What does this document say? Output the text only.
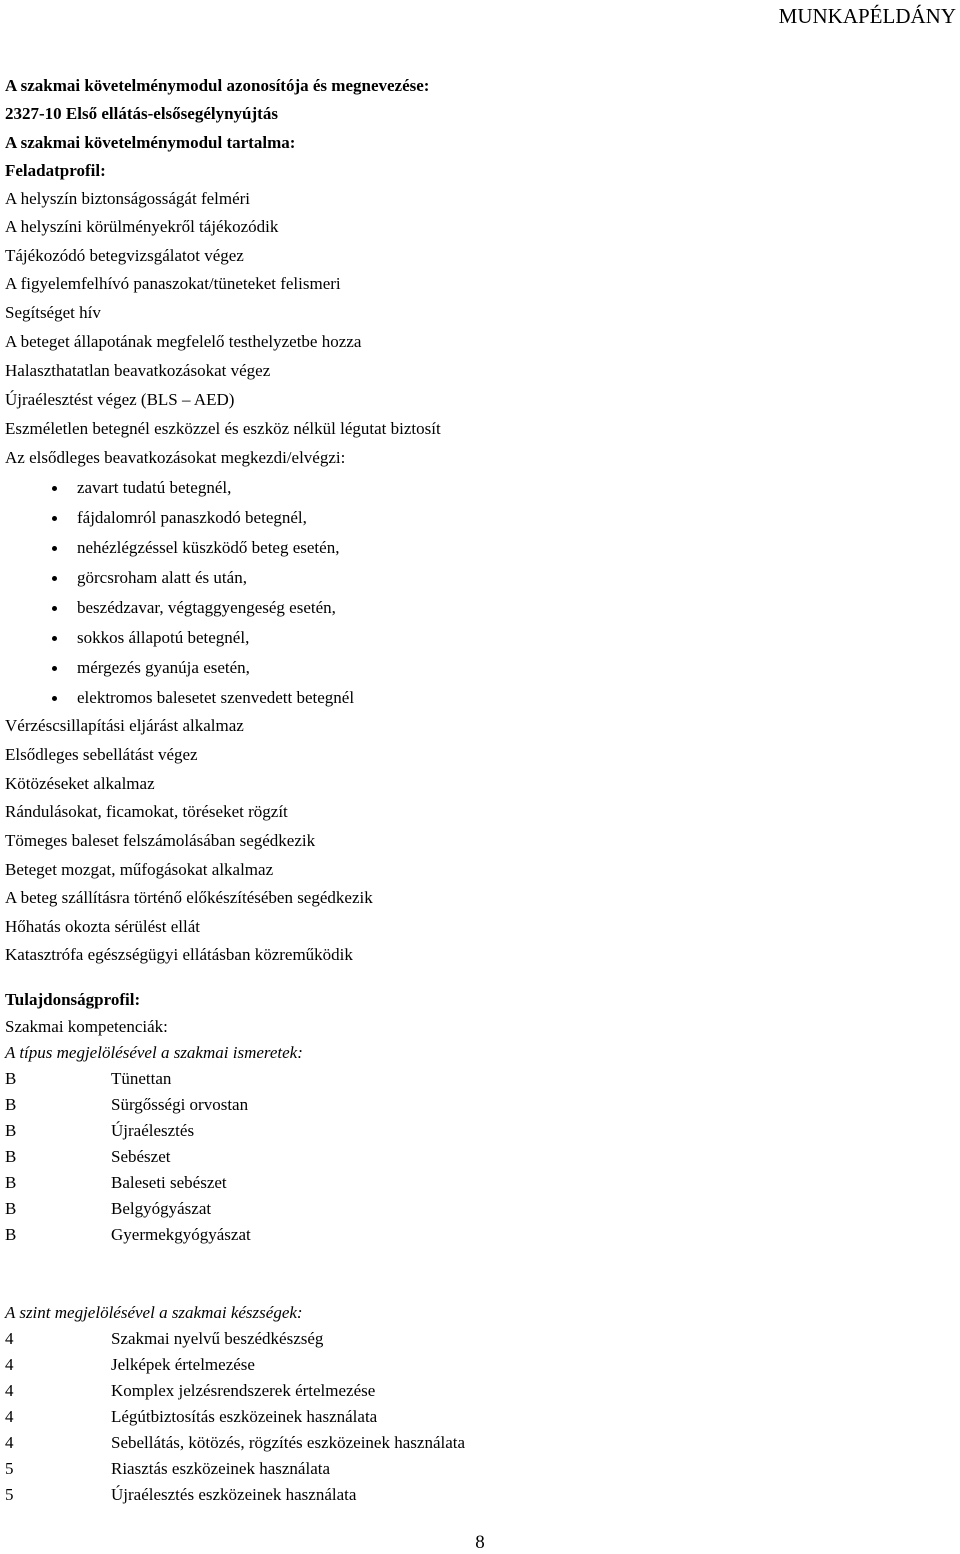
MUNKAPÉLDÁNY
A szakmai követelménymodul azonosítója és megnevezése:
2327-10 Első ellátás-elsősegélynyújtás
A szakmai követelménymodul tartalma:
Feladatprofil:
A helyszín biztonságosságát felméri
A helyszíni körülményekről tájékozódik
Tájékozódó betegvizsgálatot végez
A figyelemfelhívó panaszokat/tüneteket felismeri
Segítséget hív
A beteget állapotának megfelelő testhelyzetbe hozza
Halaszthatatlan beavatkozásokat végez
Újraélesztést végez (BLS – AED)
Eszméletlen betegnél eszközzel és eszköz nélkül légutat biztosít
Az elsődleges beavatkozásokat megkezdi/elvégzi:
zavart tudatú betegnél,
fájdalomról panaszkodó betegnél,
nehézlégzéssel küszködő beteg esetén,
görcsroham alatt és után,
beszédzavar, végtaggyengeség esetén,
sokkos állapotú betegnél,
mérgezés gyanúja esetén,
elektromos balesetet szenvedett betegnél
Vérzéscsillapítási eljárást alkalmaz
Elsődleges sebellátást végez
Kötözéseket alkalmaz
Rándulásokat, ficamokat, töréseket rögzít
Tömeges baleset felszámolásában segédkezik
Beteget mozgat, műfogásokat alkalmaz
A beteg szállításra történő előkészítésében segédkezik
Hőhatás okozta sérülést ellát
Katasztrófa egészségügyi ellátásban közreműködik
Tulajdonságprofil:
Szakmai kompetenciák:
A típus megjelölésével a szakmai ismeretek:
B	Tünettan
B	Sürgősségi orvostan
B	Újraélesztés
B	Sebészet
B	Baleseti sebészet
B	Belgyógyászat
B	Gyermekgyógyászat
A szint megjelölésével a szakmai készségek:
4	Szakmai nyelvű beszédkészség
4	Jelképek értelmezése
4	Komplex jelzésrendszerek értelmezése
4	Légútbiztosítás eszközeinek használata
4	Sebellátás, kötözés, rögzítés eszközeinek használata
5	Riasztás eszközeinek használata
5	Újraélesztés eszközeinek használata
8
